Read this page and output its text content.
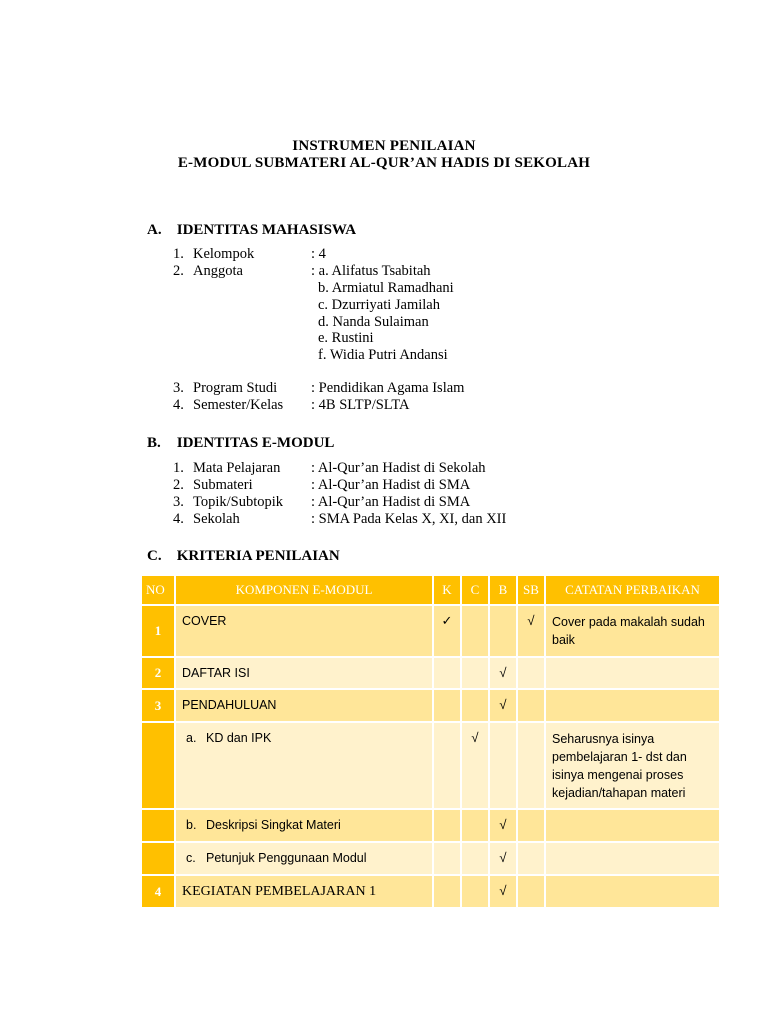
INSTRUMEN PENILAIAN
E-MODUL SUBMATERI AL-QUR’AN HADIS DI SEKOLAH
A. IDENTITAS MAHASISWA
1. Kelompok	: 4
2. Anggota	: a. Alifatus Tsabitah
b. Armiatul Ramadhani
c. Dzurriyati Jamilah
d. Nanda Sulaiman
e. Rustini
f. Widia Putri Andansi
3. Program Studi : Pendidikan Agama Islam
4. Semester/Kelas : 4B SLTP/SLTA
B. IDENTITAS E-MODUL
1. Mata Pelajaran : Al-Qur’an Hadist di Sekolah
2. Submateri	: Al-Qur’an Hadist di SMA
3. Topik/Subtopik : Al-Qur’an Hadist di SMA
4. Sekolah	: SMA Pada Kelas X, XI, dan XII
C. KRITERIA PENILAIAN
NO	KOMPONEN E-MODUL	K	C	B	SB	CATATAN PERBAIKAN
1	COVER	✓			√	Cover pada makalah sudah baik
2	DAFTAR ISI			√		
3	PENDAHULUAN			√		
	a. KD dan IPK		√			Seharusnya isinya pembelajaran 1- dst dan isinya mengenai proses kejadian/tahapan materi
	b. Deskripsi Singkat Materi			√		
	c. Petunjuk Penggunaan Modul			√		
4	KEGIATAN PEMBELAJARAN 1			√		
